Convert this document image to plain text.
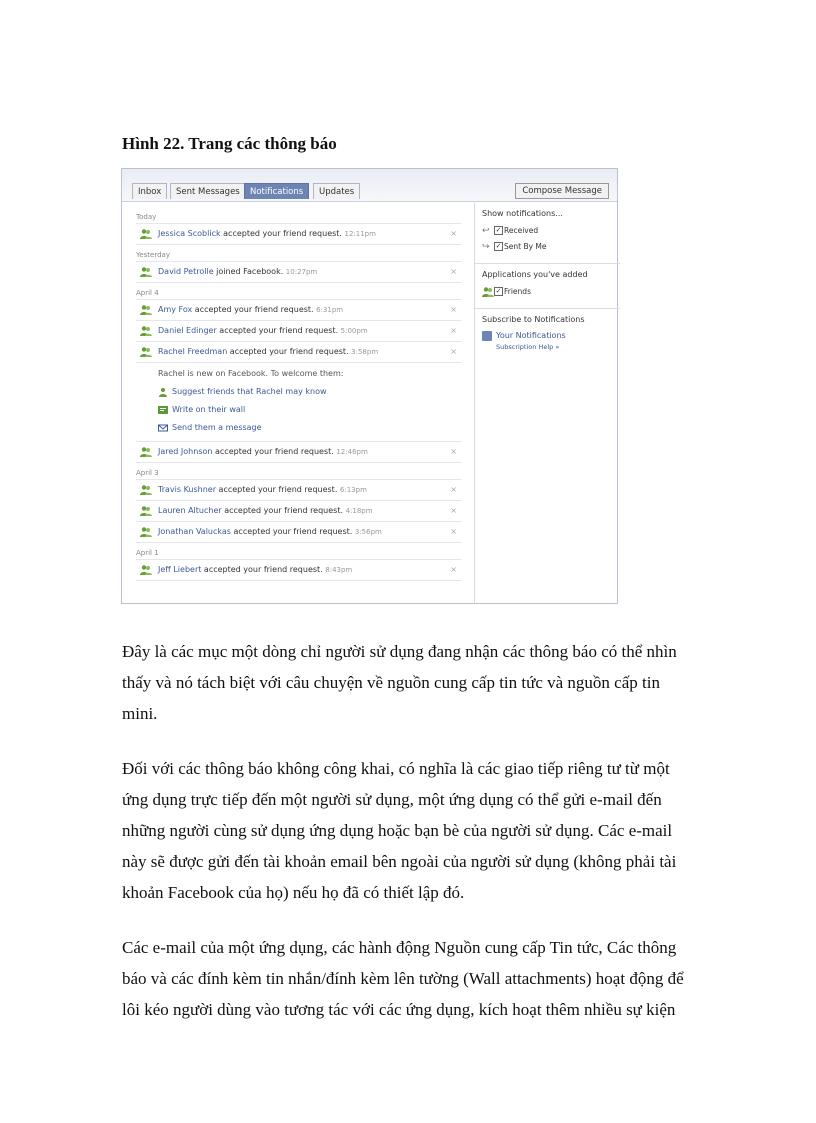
Hình 22. Trang các thông báo
Inbox	Sent Messages	Notifications	Updates	Compose Message
Today
Jessica Scoblick accepted your friend request. 12:11pm	×
Yesterday
David Petrolle joined Facebook. 10:27pm	×
April 4
Amy Fox accepted your friend request. 6:31pm	×
Daniel Edinger accepted your friend request. 5:00pm	×
Rachel Freedman accepted your friend request. 3:58pm	×
Rachel is new on Facebook. To welcome them:
Suggest friends that Rachel may know
Write on their wall
Send them a message
Jared Johnson accepted your friend request. 12:46pm	×
April 3
Travis Kushner accepted your friend request. 6:13pm	×
Lauren Altucher accepted your friend request. 4:18pm	×
Jonathan Valuckas accepted your friend request. 3:56pm	×
April 1
Jeff Liebert accepted your friend request. 8:43pm	×
Show notifications...
↩ ✓ Received
↪ ✓ Sent By Me
Applications you've added
✓ Friends
Subscribe to Notifications
Your Notifications
Subscription Help »
Đây là các mục một dòng chỉ người sử dụng đang nhận các thông báo có thể nhìn thấy và nó tách biệt với câu chuyện về nguồn cung cấp tin tức và nguồn cấp tin mini.
Đối với các thông báo không công khai, có nghĩa là các giao tiếp riêng tư từ một ứng dụng trực tiếp đến một người sử dụng, một ứng dụng có thể gửi e-mail đến những người cùng sử dụng ứng dụng hoặc bạn bè của người sử dụng. Các e-mail này sẽ được gửi đến tài khoản email bên ngoài của người sử dụng (không phải tài khoản Facebook của họ) nếu họ đã có thiết lập đó.
Các e-mail của một ứng dụng, các hành động Nguồn cung cấp Tin tức, Các thông báo và các đính kèm tin nhắn/đính kèm lên tường (Wall attachments) hoạt động để lôi kéo người dùng vào tương tác với các ứng dụng, kích hoạt thêm nhiều sự kiện
